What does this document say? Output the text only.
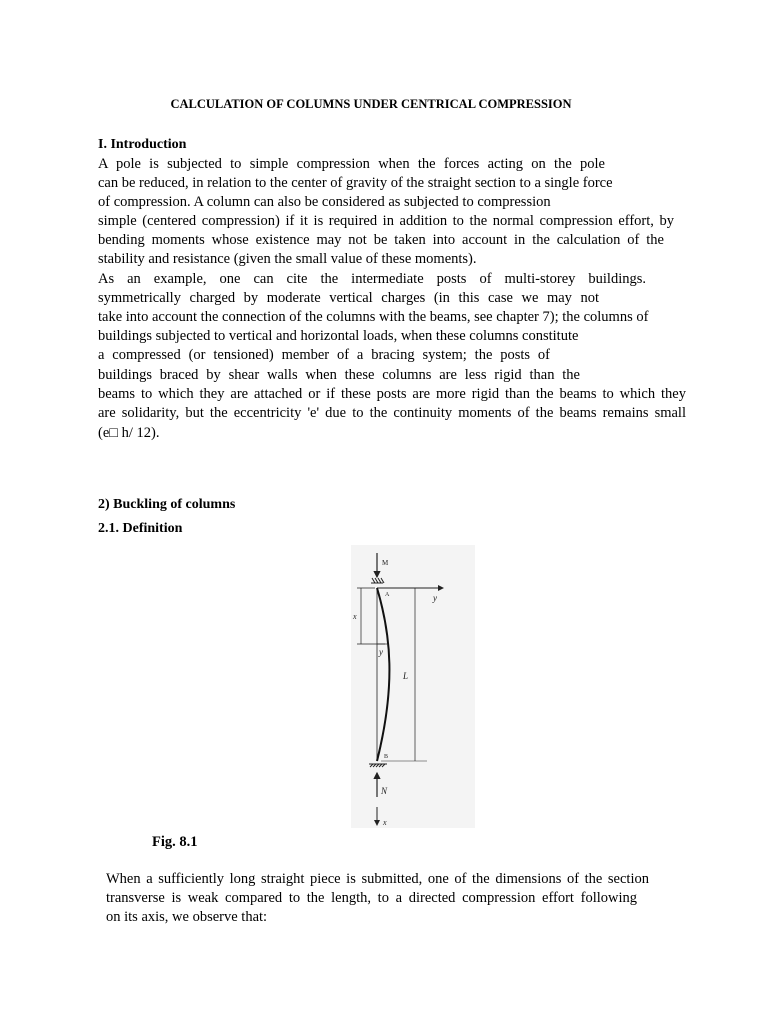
CALCULATION OF COLUMNS UNDER CENTRICAL COMPRESSION
I. Introduction
A pole is subjected to simple compression when the forces acting on the pole
can be reduced, in relation to the center of gravity of the straight section to a single force
of compression. A column can also be considered as subjected to compression
simple (centered compression) if it is required in addition to the normal compression effort, by
bending moments whose existence may not be taken into account in the calculation of the
stability and resistance (given the small value of these moments).
As an example, one can cite the intermediate posts of multi-storey buildings.
symmetrically charged by moderate vertical charges (in this case we may not
take into account the connection of the columns with the beams, see chapter 7); the columns of
buildings subjected to vertical and horizontal loads, when these columns constitute
a compressed (or tensioned) member of a bracing system; the posts of
buildings braced by shear walls when these columns are less rigid than the
beams to which they are attached or if these posts are more rigid than the beams to which they
are solidarity, but the eccentricity 'e' due to the continuity moments of the beams remains small
(e□ h/ 12).
2) Buckling of columns
2.1. Definition
M
y
A
x
y
L
B
N
x
Fig. 8.1
When a sufficiently long straight piece is submitted, one of the dimensions of the section
transverse is weak compared to the length, to a directed compression effort following
on its axis, we observe that:
